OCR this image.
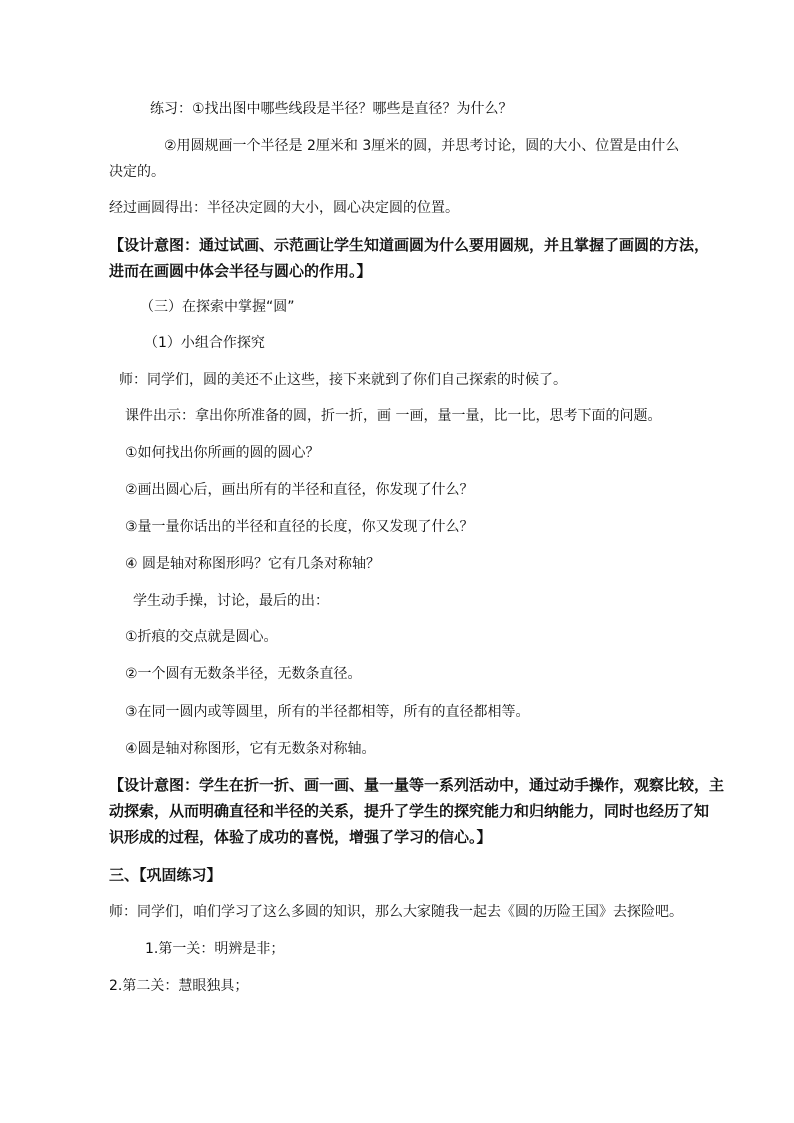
练习：①找出图中哪些线段是半径？哪些是直径？为什么？
②用圆规画一个半径是 2厘米和 3厘米的圆，并思考讨论，圆的大小、位置是由什么
决定的。
经过画圆得出：半径决定圆的大小，圆心决定圆的位置。
【设计意图：通过试画、示范画让学生知道画圆为什么要用圆规，并且掌握了画圆的方法，
进而在画圆中体会半径与圆心的作用。】
（三）在探索中掌握“圆”
（1）小组合作探究
师：同学们，圆的美还不止这些，接下来就到了你们自己探索的时候了。
课件出示：拿出你所准备的圆，折一折，画 一画，量一量，比一比，思考下面的问题。
①如何找出你所画的圆的圆心？
②画出圆心后，画出所有的半径和直径，你发现了什么？
③量一量你话出的半径和直径的长度，你又发现了什么？
④ 圆是轴对称图形吗？它有几条对称轴？
学生动手操，讨论，最后的出：
①折痕的交点就是圆心。
②一个圆有无数条半径，无数条直径。
③在同一圆内或等圆里，所有的半径都相等，所有的直径都相等。
④圆是轴对称图形，它有无数条对称轴。
【设计意图：学生在折一折、画一画、量一量等一系列活动中，通过动手操作，观察比较，主
动探索，从而明确直径和半径的关系，提升了学生的探究能力和归纳能力，同时也经历了知
识形成的过程，体验了成功的喜悦，增强了学习的信心。】
三、【巩固练习】
师：同学们，咱们学习了这么多圆的知识，那么大家随我一起去《圆的历险王国》去探险吧。
1.第一关：明辨是非；
2.第二关：慧眼独具；
